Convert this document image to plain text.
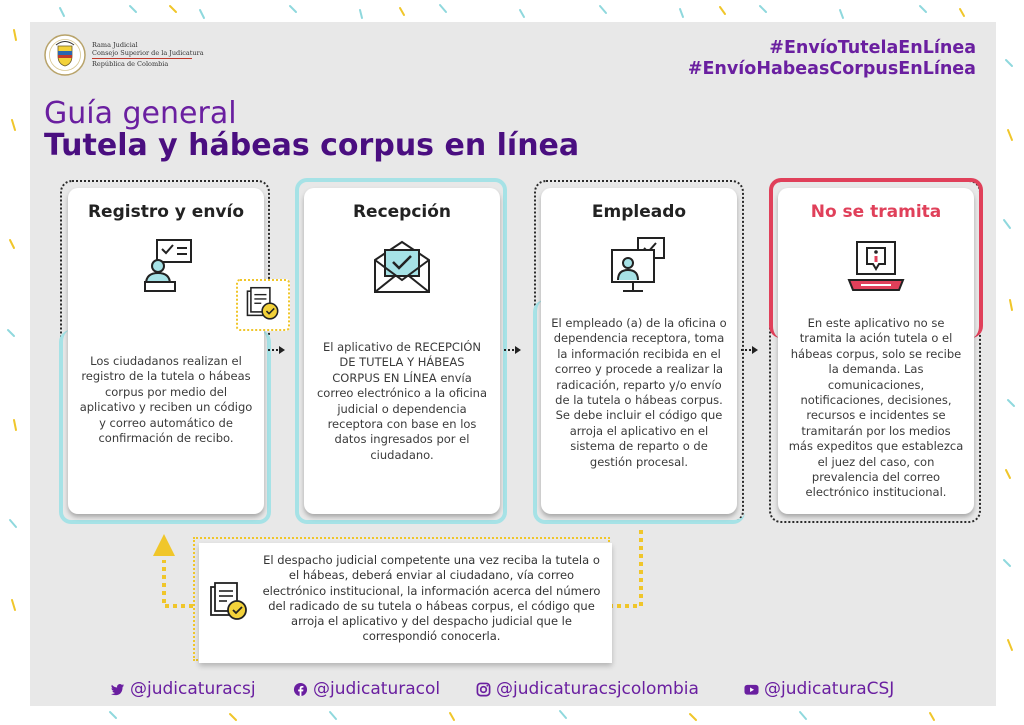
Rama Judicial
Consejo Superior de la Judicatura
República de Colombia
#EnvíoTutelaEnLínea
#EnvíoHabeasCorpusEnLínea
Guía general
Tutela y hábeas corpus en línea
Registro y envío

Los ciudadanos realizan el registro de la tutela o hábeas corpus por medio del aplicativo y reciben un código y correo automático de confirmación de recibo.

Recepción

El aplicativo de RECEPCIÓN DE TUTELA Y HÁBEAS CORPUS EN LÍNEA envía correo electrónico a la oficina judicial o dependencia receptora con base en los datos ingresados por el ciudadano.

Empleado

El empleado (a) de la oficina o dependencia receptora, toma la información recibida en el correo y procede a realizar la radicación, reparto y/o envío de la tutela o hábeas corpus. Se debe incluir el código que arroja el aplicativo en el sistema de reparto o de gestión procesal.

No se tramita

En este aplicativo no se tramita la ación tutela o el hábeas corpus, solo se recibe la demanda. Las comunicaciones, notificaciones, decisiones, recursos e incidentes se tramitarán por los medios más expeditos que establezca el juez del caso, con prevalencia del correo electrónico institucional.

El despacho judicial competente una vez reciba la tutela o el hábeas, deberá enviar al ciudadano, vía correo electrónico institucional, la información acerca del número del radicado de su tutela o hábeas corpus, el código que arroja el aplicativo y del despacho judicial que le correspondió conocerla.

@judicaturacsj	@judicaturacol	@judicaturacsjcolombia	@judicaturaCSJ
